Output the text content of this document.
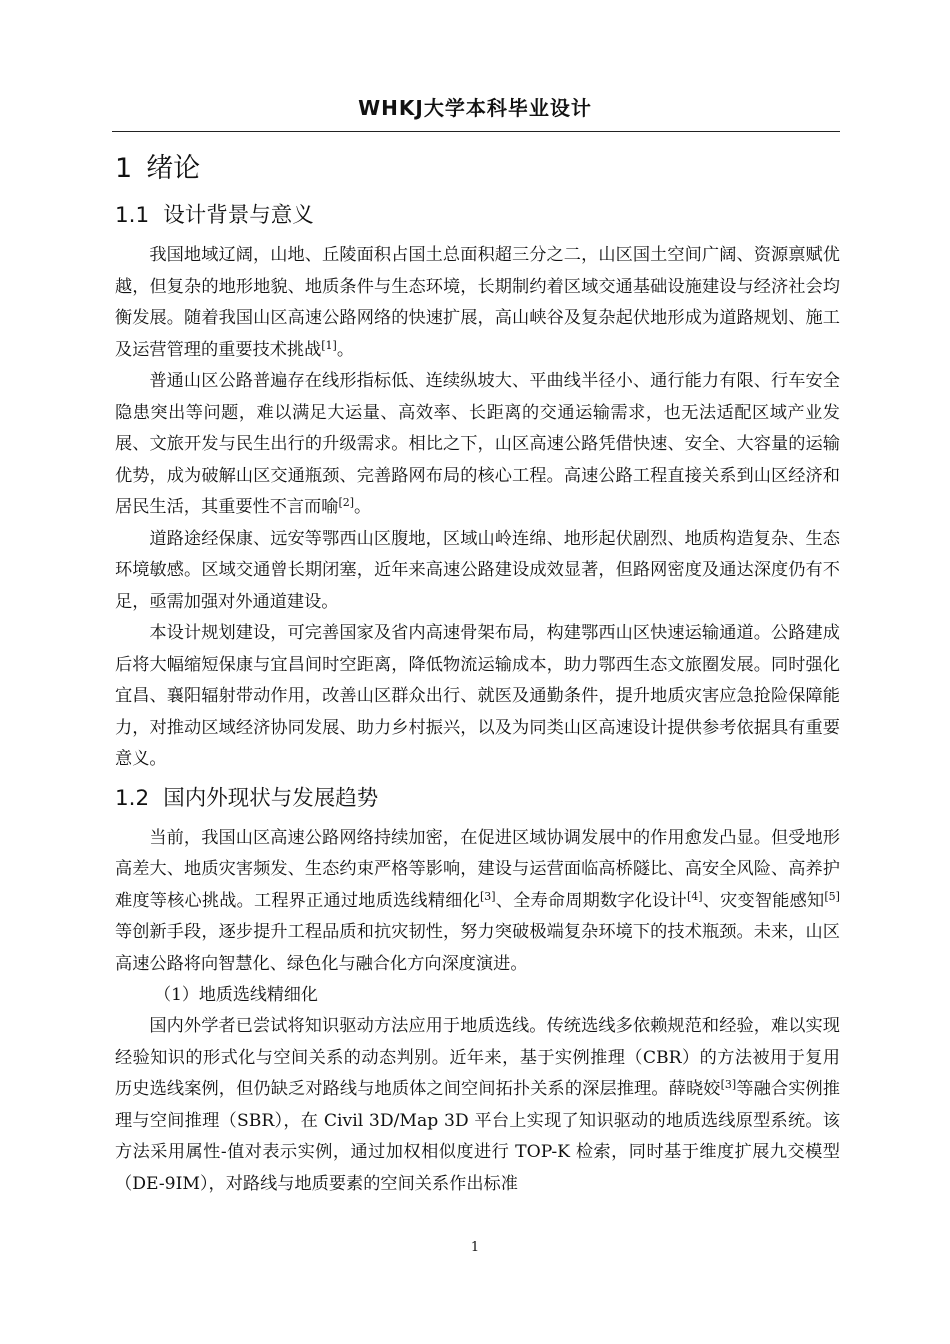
WHKJ大学本科毕业设计
1 绪论
1.1 设计背景与意义

我国地域辽阔，山地、丘陵面积占国土总面积超三分之二，山区国土空间广阔、资源禀赋优越，但复杂的地形地貌、地质条件与生态环境，长期制约着区域交通基础设施建设与经济社会均衡发展。随着我国山区高速公路网络的快速扩展，高山峡谷及复杂起伏地形成为道路规划、施工及运营管理的重要技术挑战[1]。

普通山区公路普遍存在线形指标低、连续纵坡大、平曲线半径小、通行能力有限、行车安全隐患突出等问题，难以满足大运量、高效率、长距离的交通运输需求，也无法适配区域产业发展、文旅开发与民生出行的升级需求。相比之下，山区高速公路凭借快速、安全、大容量的运输优势，成为破解山区交通瓶颈、完善路网布局的核心工程。高速公路工程直接关系到山区经济和居民生活，其重要性不言而喻[2]。

道路途经保康、远安等鄂西山区腹地，区域山岭连绵、地形起伏剧烈、地质构造复杂、生态环境敏感。区域交通曾长期闭塞，近年来高速公路建设成效显著，但路网密度及通达深度仍有不足，亟需加强对外通道建设。

本设计规划建设，可完善国家及省内高速骨架布局，构建鄂西山区快速运输通道。公路建成后将大幅缩短保康与宜昌间时空距离，降低物流运输成本，助力鄂西生态文旅圈发展。同时强化宜昌、襄阳辐射带动作用，改善山区群众出行、就医及通勤条件，提升地质灾害应急抢险保障能力，对推动区域经济协同发展、助力乡村振兴，以及为同类山区高速设计提供参考依据具有重要意义。

1.2 国内外现状与发展趋势

当前，我国山区高速公路网络持续加密，在促进区域协调发展中的作用愈发凸显。但受地形高差大、地质灾害频发、生态约束严格等影响，建设与运营面临高桥隧比、高安全风险、高养护难度等核心挑战。工程界正通过地质选线精细化[3]、全寿命周期数字化设计[4]、灾变智能感知[5]等创新手段，逐步提升工程品质和抗灾韧性，努力突破极端复杂环境下的技术瓶颈。未来，山区高速公路将向智慧化、绿色化与融合化方向深度演进。

（1）地质选线精细化

国内外学者已尝试将知识驱动方法应用于地质选线。传统选线多依赖规范和经验，难以实现经验知识的形式化与空间关系的动态判别。近年来，基于实例推理（CBR）的方法被用于复用历史选线案例，但仍缺乏对路线与地质体之间空间拓扑关系的深层推理。薛晓姣[3]等融合实例推理与空间推理（SBR），在 Civil 3D/Map 3D 平台上实现了知识驱动的地质选线原型系统。该方法采用属性-值对表示实例，通过加权相似度进行 TOP-K 检索，同时基于维度扩展九交模型（DE-9IM），对路线与地质要素的空间关系作出标准

1
